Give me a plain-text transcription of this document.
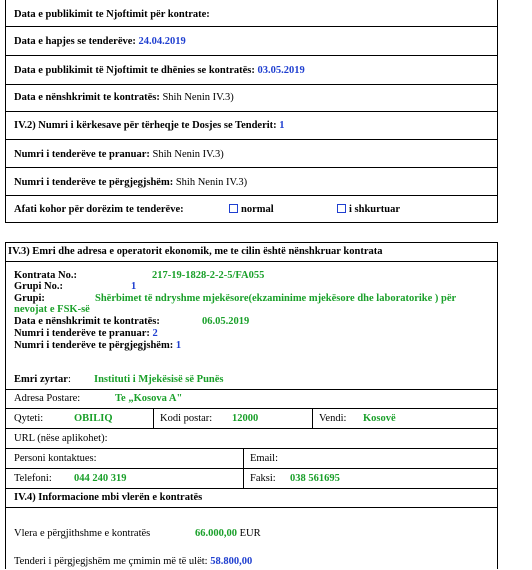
Data e publikimit te Njoftimit për kontrate:
Data e hapjes se tenderëve: 24.04.2019
Data e publikimit të Njoftimit te dhënies se kontratës: 03.05.2019
Data e nënshkrimit te kontratës: Shih Nenin IV.3)
IV.2) Numri i kërkesave për tërheqje te Dosjes se Tenderit: 1
Numri i tenderëve te pranuar: Shih Nenin IV.3)
Numri i tenderëve te përgjegjshëm: Shih Nenin IV.3)
Afati kohor për dorëzim te tenderëve:	normal	i shkurtuar
IV.3) Emri dhe adresa e operatorit ekonomik, me te cilin është nënshkruar kontrata
Kontrata No.:	217-19-1828-2-2-5/FA055
Grupi No.:	1
Grupi:	Shërbimet të ndryshme mjekësore(ekzaminime mjekësore dhe laboratorike ) për
nevojat e FSK-së
Data e nënshkrimit te kontratës:	06.05.2019
Numri i tenderëve te pranuar: 2
Numri i tenderëve te përgjegjshëm: 1
Emri zyrtar: Instituti i Mjekësisë së Punës
Adresa Postare:	Te „Kosova A"
Qyteti:	OBILIQ	Kodi postar: 12000	Vendi: Kosovë
URL (nëse aplikohet):
Personi kontaktues:	Email:
Telefoni: 044 240 319	Faksi: 038 561695
IV.4) Informacione mbi vlerën e kontratës
Vlera e përgjithshme e kontratës	66.000,00 EUR
Tenderi i përgjegjshëm me çmimin më të ulët: 58.800,00
